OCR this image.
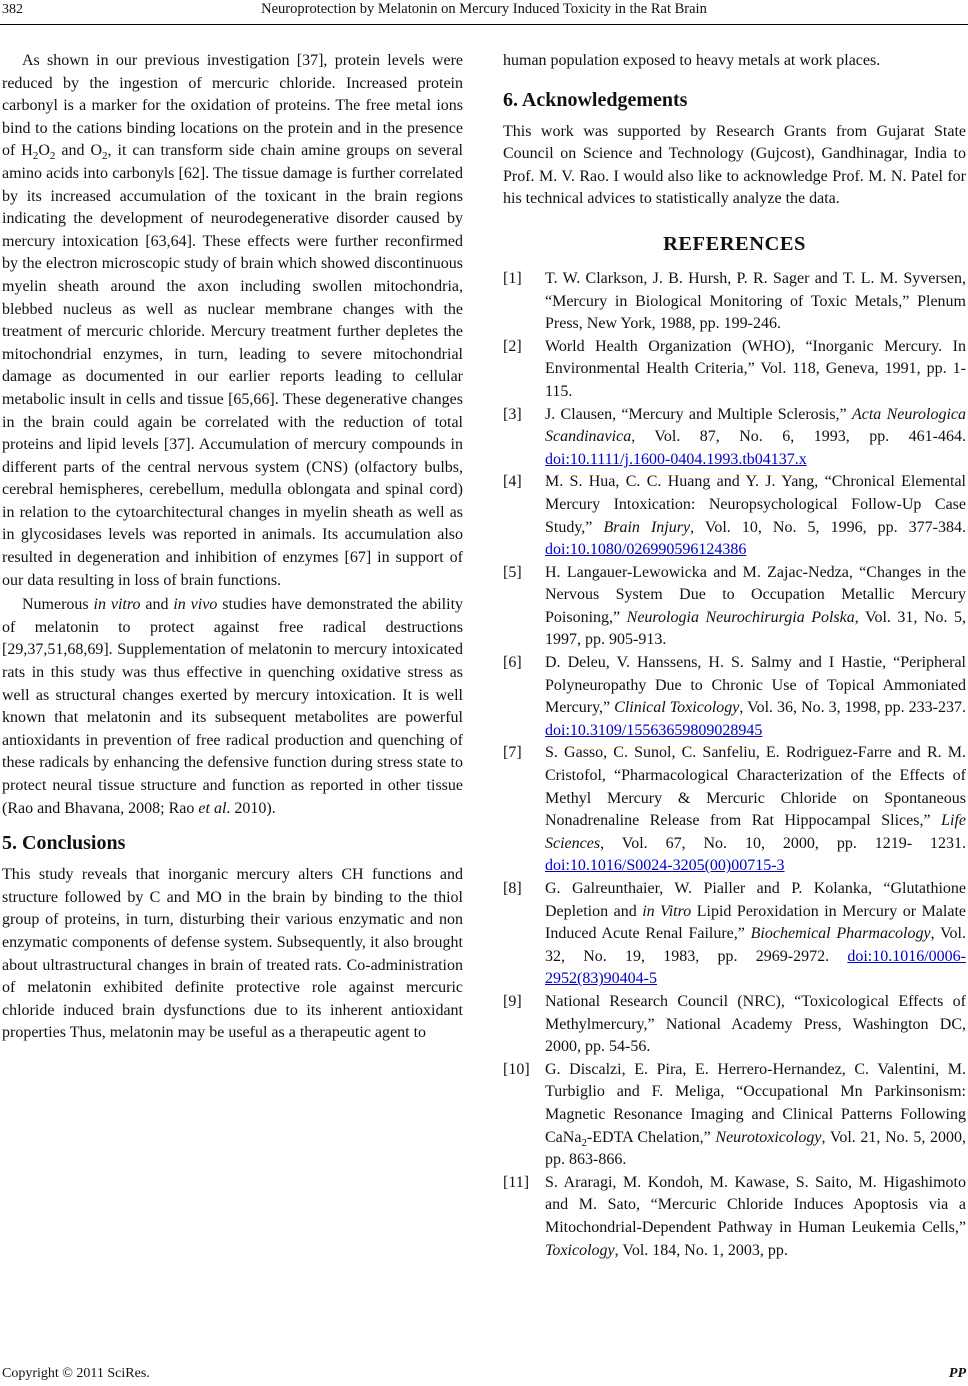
382	Neuroprotection by Melatonin on Mercury Induced Toxicity in the Rat Brain

As shown in our previous investigation [37], protein levels were reduced by the ingestion of mercuric chloride. Increased protein carbonyl is a marker for the oxidation of proteins. The free metal ions bind to the cations binding locations on the protein and in the presence of $H_2O_2$ and $O_2$, it can transform side chain amine groups on several amino acids into carbonyls [62]. The tissue damage is further correlated by its increased accumulation of the toxicant in the brain regions indicating the development of neurodegenerative disorder caused by mercury intoxication [63,64]. These effects were further reconfirmed by the electron microscopic study of brain which showed discontinuous myelin sheath around the axon including swollen mitochondria, blebbed nucleus as well as nuclear membrane changes with the treatment of mercuric chloride. Mercury treatment further depletes the mitochondrial enzymes, in turn, leading to severe mitochondrial damage as documented in our earlier reports leading to cellular metabolic insult in cells and tissue [65,66]. These degenerative changes in the brain could again be correlated with the reduction of total proteins and lipid levels [37]. Accumulation of mercury compounds in different parts of the central nervous system (CNS) (olfactory bulbs, cerebral hemispheres, cerebellum, medulla oblongata and spinal cord) in relation to the cytoarchitectural changes in myelin sheath as well as in glycosidases levels was reported in animals. Its accumulation also resulted in degeneration and inhibition of enzymes [67] in support of our data resulting in loss of brain functions.

Numerous in vitro and in vivo studies have demonstrated the ability of melatonin to protect against free radical destructions [29,37,51,68,69]. Supplementation of melatonin to mercury intoxicated rats in this study was thus effective in quenching oxidative stress as well as structural changes exerted by mercury intoxication. It is well known that melatonin and its subsequent metabolites are powerful antioxidants in prevention of free radical production and quenching of these radicals by enhancing the defensive function during stress state to protect neural tissue structure and function as reported in other tissue (Rao and Bhavana, 2008; Rao et al. 2010).

5. Conclusions

This study reveals that inorganic mercury alters CH functions and structure followed by C and MO in the brain by binding to the thiol group of proteins, in turn, disturbing their various enzymatic and non enzymatic components of defense system. Subsequently, it also brought about ultrastructural changes in brain of treated rats. Co-administration of melatonin exhibited definite protective role against mercuric chloride induced brain dysfunctions due to its inherent antioxidant properties Thus, melatonin may be useful as a therapeutic agent to

human population exposed to heavy metals at work places.

6. Acknowledgements

This work was supported by Research Grants from Gujarat State Council on Science and Technology (Gujcost), Gandhinagar, India to Prof. M. V. Rao. I would also like to acknowledge Prof. M. N. Patel for his technical advices to statistically analyze the data.

REFERENCES

[1] T. W. Clarkson, J. B. Hursh, P. R. Sager and T. L. M. Syversen, “Mercury in Biological Monitoring of Toxic Metals,” Plenum Press, New York, 1988, pp. 199-246.

[2] World Health Organization (WHO), “Inorganic Mercury. In Environmental Health Criteria,” Vol. 118, Geneva, 1991, pp. 1-115.

[3] J. Clausen, “Mercury and Multiple Sclerosis,” Acta Neurologica Scandinavica, Vol. 87, No. 6, 1993, pp. 461-464. doi:10.1111/j.1600-0404.1993.tb04137.x

[4] M. S. Hua, C. C. Huang and Y. J. Yang, “Chronical Elemental Mercury Intoxication: Neuropsychological Follow-Up Case Study,” Brain Injury, Vol. 10, No. 5, 1996, pp. 377-384. doi:10.1080/026990596124386

[5] H. Langauer-Lewowicka and M. Zajac-Nedza, “Changes in the Nervous System Due to Occupation Metallic Mercury Poisoning,” Neurologia Neurochirurgia Polska, Vol. 31, No. 5, 1997, pp. 905-913.

[6] D. Deleu, V. Hanssens, H. S. Salmy and I Hastie, “Peripheral Polyneuropathy Due to Chronic Use of Topical Ammoniated Mercury,” Clinical Toxicology, Vol. 36, No. 3, 1998, pp. 233-237. doi:10.3109/15563659809028945

[7] S. Gasso, C. Sunol, C. Sanfeliu, E. Rodriguez-Farre and R. M. Cristofol, “Pharmacological Characterization of the Effects of Methyl Mercury & Mercuric Chloride on Spontaneous Nonadrenaline Release from Rat Hippocampal Slices,” Life Sciences, Vol. 67, No. 10, 2000, pp. 1219- 1231. doi:10.1016/S0024-3205(00)00715-3

[8] G. Galreunthaier, W. Pialler and P. Kolanka, “Glutathione Depletion and in Vitro Lipid Peroxidation in Mercury or Malate Induced Acute Renal Failure,” Biochemical Pharmacology, Vol. 32, No. 19, 1983, pp. 2969-2972. doi:10.1016/0006-2952(83)90404-5

[9] National Research Council (NRC), “Toxicological Effects of Methylmercury,” National Academy Press, Washington DC, 2000, pp. 54-56.

[10] G. Discalzi, E. Pira, E. Herrero-Hernandez, C. Valentini, M. Turbiglio and F. Meliga, “Occupational Mn Parkinsonism: Magnetic Resonance Imaging and Clinical Patterns Following CaNa$_2$-EDTA Chelation,” Neurotoxicology, Vol. 21, No. 5, 2000, pp. 863-866.

[11] S. Araragi, M. Kondoh, M. Kawase, S. Saito, M. Higashimoto and M. Sato, “Mercuric Chloride Induces Apoptosis via a Mitochondrial-Dependent Pathway in Human Leukemia Cells,” Toxicology, Vol. 184, No. 1, 2003, pp.

Copyright © 2011 SciRes.	PP
